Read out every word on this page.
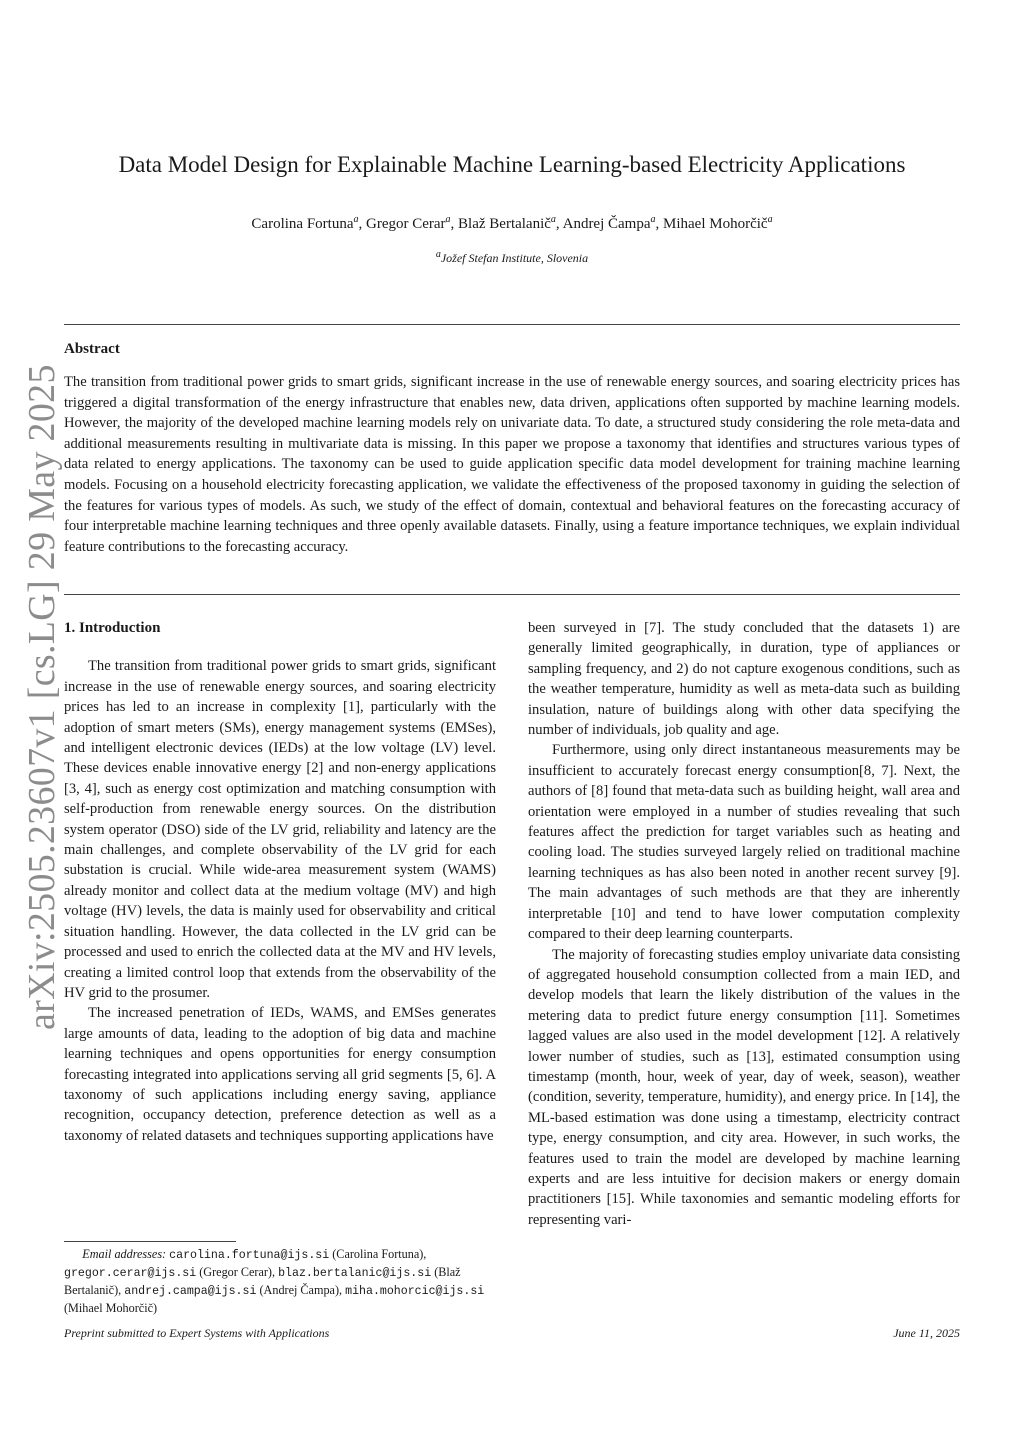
arXiv:2505.23607v1 [cs.LG] 29 May 2025
Data Model Design for Explainable Machine Learning-based Electricity Applications
Carolina Fortuna$^a$, Gregor Cerar$^a$, Blaž Bertalanič$^a$, Andrej Čampa$^a$, Mihael Mohorčič$^a$
$^a$Jožef Stefan Institute, Slovenia
Abstract
The transition from traditional power grids to smart grids, significant increase in the use of renewable energy sources, and soaring electricity prices has triggered a digital transformation of the energy infrastructure that enables new, data driven, applications often supported by machine learning models. However, the majority of the developed machine learning models rely on univariate data. To date, a structured study considering the role meta-data and additional measurements resulting in multivariate data is missing. In this paper we propose a taxonomy that identifies and structures various types of data related to energy applications. The taxonomy can be used to guide application specific data model development for training machine learning models. Focusing on a household electricity forecasting application, we validate the effectiveness of the proposed taxonomy in guiding the selection of the features for various types of models. As such, we study of the effect of domain, contextual and behavioral features on the forecasting accuracy of four interpretable machine learning techniques and three openly available datasets. Finally, using a feature importance techniques, we explain individual feature contributions to the forecasting accuracy.
1. Introduction

The transition from traditional power grids to smart grids, significant increase in the use of renewable energy sources, and soaring electricity prices has led to an increase in complexity [1], particularly with the adoption of smart meters (SMs), energy management systems (EMSes), and intelligent electronic devices (IEDs) at the low voltage (LV) level. These devices enable innovative energy [2] and non-energy applications [3, 4], such as energy cost optimization and matching consumption with self-production from renewable energy sources. On the distribution system operator (DSO) side of the LV grid, reliability and latency are the main challenges, and complete observability of the LV grid for each substation is crucial. While wide-area measurement system (WAMS) already monitor and collect data at the medium voltage (MV) and high voltage (HV) levels, the data is mainly used for observability and critical situation handling. However, the data collected in the LV grid can be processed and used to enrich the collected data at the MV and HV levels, creating a limited control loop that extends from the observability of the HV grid to the prosumer.

The increased penetration of IEDs, WAMS, and EMSes generates large amounts of data, leading to the adoption of big data and machine learning techniques and opens opportunities for energy consumption forecasting integrated into applications serving all grid segments [5, 6]. A taxonomy of such applications including energy saving, appliance recognition, occupancy detection, preference detection as well as a taxonomy of related datasets and techniques supporting applications have

been surveyed in [7]. The study concluded that the datasets 1) are generally limited geographically, in duration, type of appliances or sampling frequency, and 2) do not capture exogenous conditions, such as the weather temperature, humidity as well as meta-data such as building insulation, nature of buildings along with other data specifying the number of individuals, job quality and age.

Furthermore, using only direct instantaneous measurements may be insufficient to accurately forecast energy consumption[8, 7]. Next, the authors of [8] found that meta-data such as building height, wall area and orientation were employed in a number of studies revealing that such features affect the prediction for target variables such as heating and cooling load. The studies surveyed largely relied on traditional machine learning techniques as has also been noted in another recent survey [9]. The main advantages of such methods are that they are inherently interpretable [10] and tend to have lower computation complexity compared to their deep learning counterparts.

The majority of forecasting studies employ univariate data consisting of aggregated household consumption collected from a main IED, and develop models that learn the likely distribution of the values in the metering data to predict future energy consumption [11]. Sometimes lagged values are also used in the model development [12]. A relatively lower number of studies, such as [13], estimated consumption using timestamp (month, hour, week of year, day of week, season), weather (condition, severity, temperature, humidity), and energy price. In [14], the ML-based estimation was done using a timestamp, electricity contract type, energy consumption, and city area. However, in such works, the features used to train the model are developed by machine learning experts and are less intuitive for decision makers or energy domain practitioners [15]. While taxonomies and semantic modeling efforts for representing vari-

Email addresses: carolina.fortuna@ijs.si (Carolina Fortuna), gregor.cerar@ijs.si (Gregor Cerar), blaz.bertalanic@ijs.si (Blaž Bertalanič), andrej.campa@ijs.si (Andrej Čampa), miha.mohorcic@ijs.si (Mihael Mohorčič)
Preprint submitted to Expert Systems with Applications	June 11, 2025
